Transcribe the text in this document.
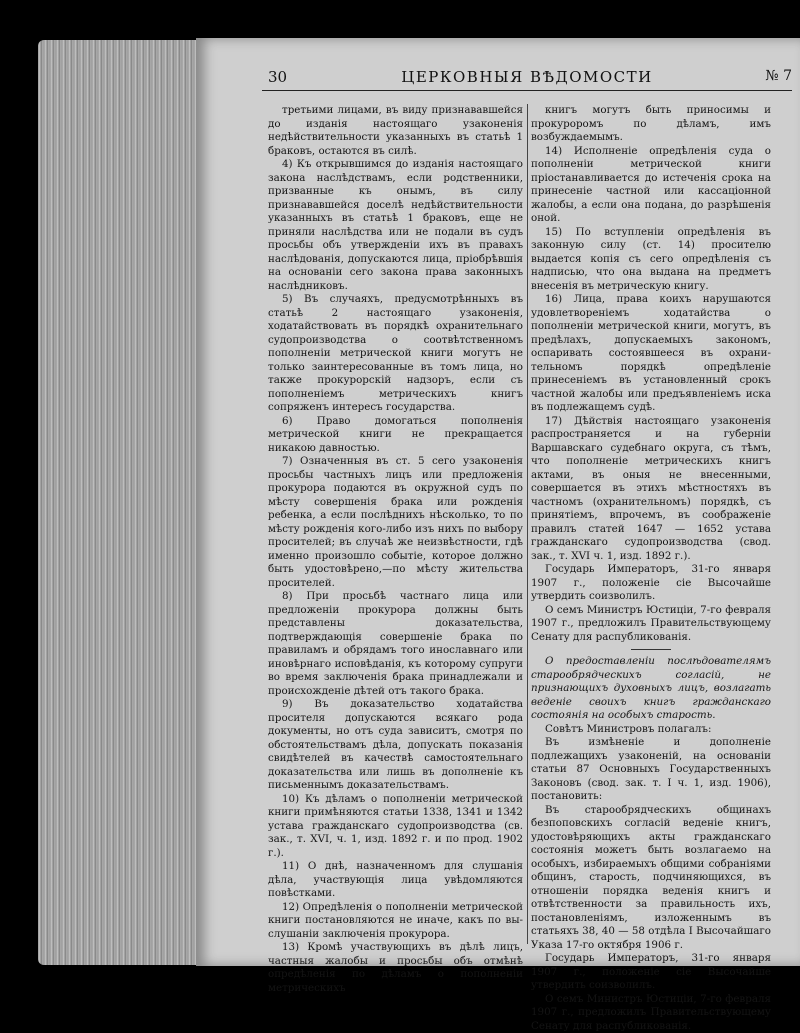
30	ЦЕРКОВНЫЯ ВѢДОМОСТИ	№ 7

третьими лицами, въ виду признававшейся до изданія настоящаго узаконенія недѣйствительности указанныхъ въ статьѣ 1 браковъ, остаются въ силѣ.

4) Къ открывшимся до изданія настоящаго закона наслѣдствамъ, если родственники, призванные къ онымъ, въ силу признававшейся доселѣ недѣйствительности указанныхъ въ статьѣ 1 браковъ, еще не приняли наслѣдства или не подали въ судъ просьбы объ утвержденіи ихъ въ правахъ наслѣдованія, допускаются лица, пріобрѣвшія на основаніи сего закона права законныхъ наслѣдниковъ.

5) Въ случаяхъ, предусмотрѣнныхъ въ статьѣ 2 настоящаго узаконенія, ходатайствовать въ порядкѣ охранительнаго судопроизводства о соотвѣтственномъ пополненіи метрической книги могутъ не только заинтересованные въ томъ лица, но также прокурорскій надзоръ, если съ пополненіемъ метрическихъ книгъ сопряженъ интересъ государства.

6) Право домогаться пополненія метрической книги не прекращается никакою давностью.

7) Означенныя въ ст. 5 сего узаконенія просьбы частныхъ лицъ или предложенія прокурора подаются въ окружной судъ по мѣсту совершенія брака или рожденія ребенка, а если послѣднихъ нѣсколько, то по мѣсту рожденія кого-либо изъ нихъ по выбору просителей; въ случаѣ же неизвѣстности, гдѣ именно произошло событіе, которое должно быть удостовѣрено,—по мѣсту жительства просителей.

8) При просьбѣ частнаго лица или предложеніи прокурора должны быть представлены доказательства, подтверждающія совершеніе брака по правиламъ и обрядамъ того инославнаго или иновѣрнаго исповѣданія, къ которому супруги во время заключенія брака принадлежали и происхожденіе дѣтей отъ такого брака.

9) Въ доказательство ходатайства просителя допускаются всякаго рода документы, но отъ суда зависитъ, смотря по обстоятельствамъ дѣла, допускать показанія свидѣтелей въ качествѣ самостоятельнаго доказательства или лишь въ дополненіе къ письменнымъ доказательствамъ.

10) Къ дѣламъ о пополненіи метрической книги примѣняются статьи 1338, 1341 и 1342 устава гражданскаго судопроизводства (св. зак., т. XVI, ч. 1, изд. 1892 г. и по прод. 1902 г.).

11) О днѣ, назначенномъ для слушанія дѣла, участвующія лица увѣдомляются повѣстками.

12) Опредѣленія о пополненіи метрической книги постановляются не иначе, какъ по выслушаніи заключенія прокурора.

13) Кромѣ участвующихъ въ дѣлѣ лицъ, частныя жалобы и просьбы объ отмѣнѣ опредѣленія по дѣламъ о пополненіи метрическихъ

книгъ могутъ быть приносимы и прокуроромъ по дѣламъ, имъ возбуждаемымъ.

14) Исполненіе опредѣленія суда о пополненіи метрической книги пріостанавливается до истеченія срока на принесеніе частной или кассаціонной жалобы, а если она подана, до разрѣшенія оной.

15) По вступленіи опредѣленія въ законную силу (ст. 14) просителю выдается копія съ сего опредѣленія съ надписью, что она выдана на предметъ внесенія въ метрическую книгу.

16) Лица, права коихъ нарушаются удовлетвореніемъ ходатайства о пополненіи метрической книги, могутъ, въ предѣлахъ, допускаемыхъ закономъ, оспаривать состоявшееся въ охранительномъ порядкѣ опредѣленіе принесеніемъ въ установленный срокъ частной жалобы или предъявленіемъ иска въ подлежащемъ судѣ.

17) Дѣйствія настоящаго узаконенія распространяется и на губерніи Варшавскаго судебнаго округа, съ тѣмъ, что пополненіе метрическихъ книгъ актами, въ оныя не внесенными, совершается въ этихъ мѣстностяхъ въ частномъ (охранительномъ) порядкѣ, съ принятіемъ, впрочемъ, въ соображеніе правилъ статей 1647 — 1652 устава гражданскаго судопроизводства (свод. зак., т. XVI ч. 1, изд. 1892 г.).

Государь Императоръ, 31-го января 1907 г., положеніе сіе Высочайше утвердить соизволилъ.

О семъ Министръ Юстиціи, 7-го февраля 1907 г., предложилъ Правительствующему Сенату для распубликованія.

О предоставленіи послѣдователямъ старообрядческихъ согласій, не признающихъ духовныхъ лицъ, возлагать веденіе своихъ книгъ гражданскаго состоянія на особыхъ старость.

Совѣтъ Министровъ полагалъ:

Въ измѣненіе и дополненіе подлежащихъ узаконеній, на основаніи статьи 87 Основныхъ Государственныхъ Законовъ (свод. зак. т. I ч. 1, изд. 1906), постановить:

Въ старообрядческихъ общинахъ безпоповскихъ согласій веденіе книгъ, удостовѣряющихъ акты гражданскаго состоянія можетъ быть возлагаемо на особыхъ, избираемыхъ общими собраніями общинъ, старость, подчиняющихся, въ отношеніи порядка веденія книгъ и отвѣтственности за правильность ихъ, постановленіямъ, изложеннымъ въ статьяхъ 38, 40 — 58 отдѣла I Высочайшаго Указа 17-го октября 1906 г.

Государь Императоръ, 31-го января 1907 г., положеніе сіе Высочайше утвердить соизволилъ.

О семъ Министръ Юстиціи, 7-го февраля 1907 г., предложилъ Правительствующему Сенату для распубликованія.
